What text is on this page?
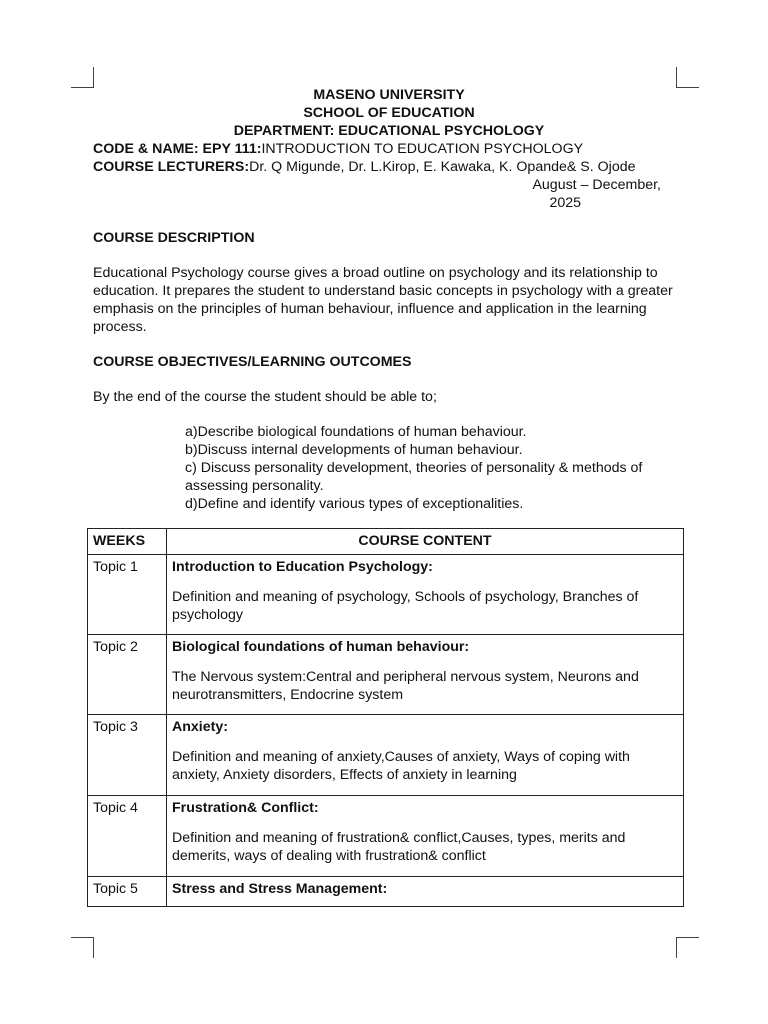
MASENO UNIVERSITY

SCHOOL OF EDUCATION

DEPARTMENT: EDUCATIONAL PSYCHOLOGY

CODE & NAME: EPY 111:INTRODUCTION TO EDUCATION PSYCHOLOGY

COURSE LECTURERS:Dr. Q Migunde, Dr. L.Kirop, E. Kawaka, K. Opande& S. Ojode

August – December,

2025

COURSE DESCRIPTION

Educational Psychology course gives a broad outline on psychology and its relationship to education. It prepares the student to understand basic concepts in psychology with a greater emphasis on the principles of human behaviour, influence and application in the learning process.

COURSE OBJECTIVES/LEARNING OUTCOMES

By the end of the course the student should be able to;

a)Describe biological foundations of human behaviour.
b)Discuss internal developments of human behaviour.
c) Discuss personality development, theories of personality & methods of assessing personality.
d)Define and identify various types of exceptionalities.
WEEKS	COURSE CONTENT
Topic 1	Introduction to Education Psychology:

Definition and meaning of psychology, Schools of psychology, Branches of psychology

Topic 2	Biological foundations of human behaviour:

The Nervous system:Central and peripheral nervous system, Neurons and neurotransmitters, Endocrine system

Topic 3	Anxiety:

Definition and meaning of anxiety,Causes of anxiety, Ways of coping with anxiety, Anxiety disorders, Effects of anxiety in learning

Topic 4	Frustration& Conflict:

Definition and meaning of frustration& conflict,Causes, types, merits and demerits, ways of dealing with frustration& conflict

Topic 5	Stress and Stress Management:
